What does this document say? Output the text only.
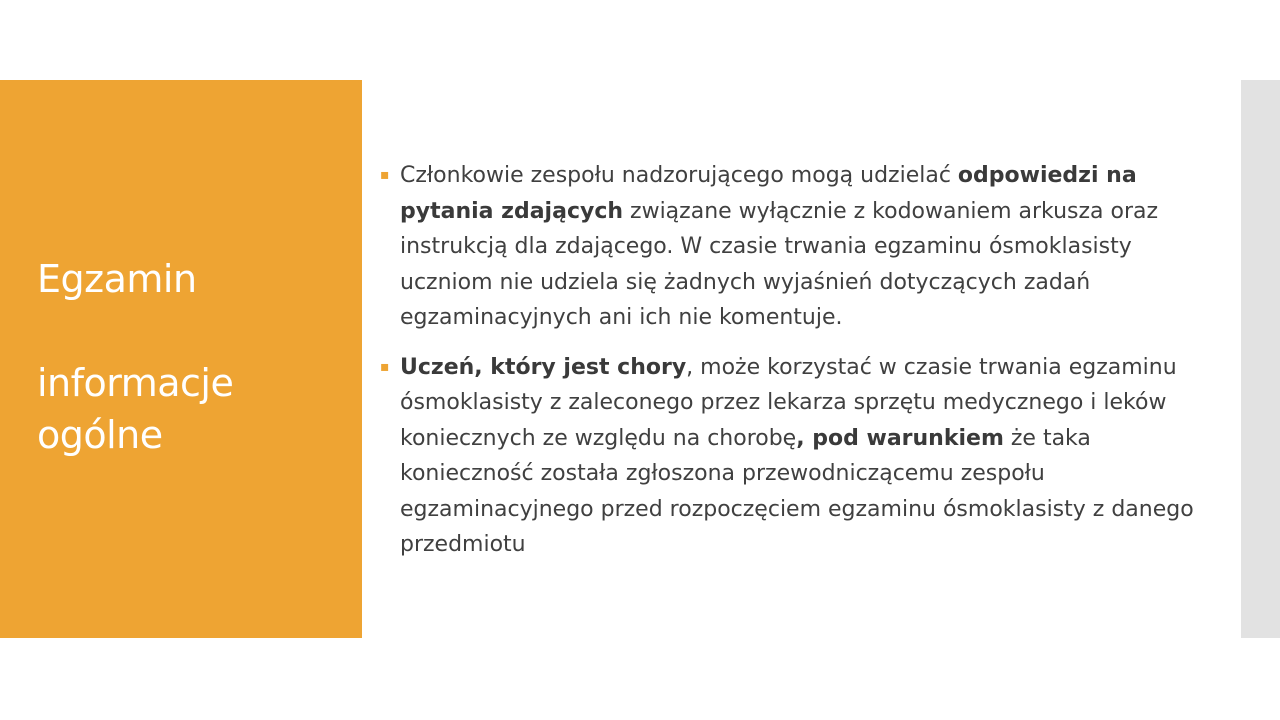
Egzamin
informacje
ogólne
▪ Członkowie zespołu nadzorującego mogą udzielać odpowiedzi na pytania zdających związane wyłącznie z kodowaniem arkusza oraz instrukcją dla zdającego. W czasie trwania egzaminu ósmoklasisty uczniom nie udziela się żadnych wyjaśnień dotyczących zadań egzaminacyjnych ani ich nie komentuje.
▪ Uczeń, który jest chory, może korzystać w czasie trwania egzaminu ósmoklasisty z zaleconego przez lekarza sprzętu medycznego i leków koniecznych ze względu na chorobę, pod warunkiem że taka konieczność została zgłoszona przewodniczącemu zespołu egzaminacyjnego przed rozpoczęciem egzaminu ósmoklasisty z danego przedmiotu
